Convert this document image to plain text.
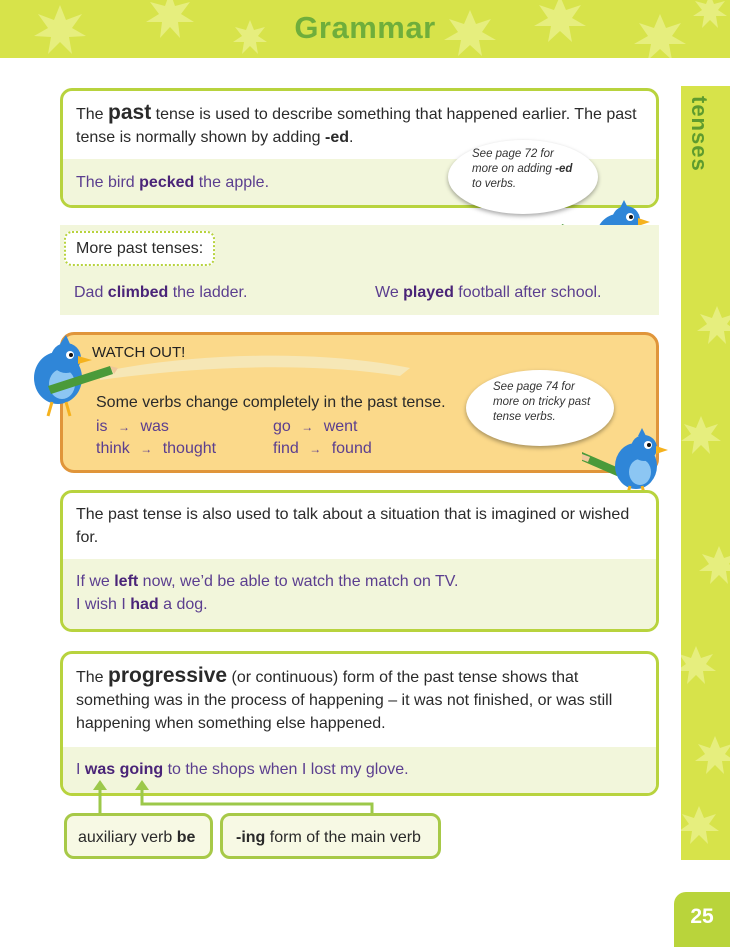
Grammar
tenses
The past tense is used to describe something that happened earlier. The past tense is normally shown by adding -ed.
The bird pecked the apple.
See page 72 for
more on adding -ed
to verbs.
More past tenses:
Dad climbed the ladder.	We played football after school.
WATCH OUT!
Some verbs change completely in the past tense.
is → was	go → went
think → thought	find → found
See page 74 for
more on tricky past
tense verbs.
The past tense is also used to talk about a situation that is imagined or wished for.
If we left now, we’d be able to watch the match on TV.
I wish I had a dog.
The progressive (or continuous) form of the past tense shows that something was in the process of happening – it was not finished, or was still happening when something else happened.
I was going to the shops when I lost my glove.
auxiliary verb be	-ing form of the main verb
25
